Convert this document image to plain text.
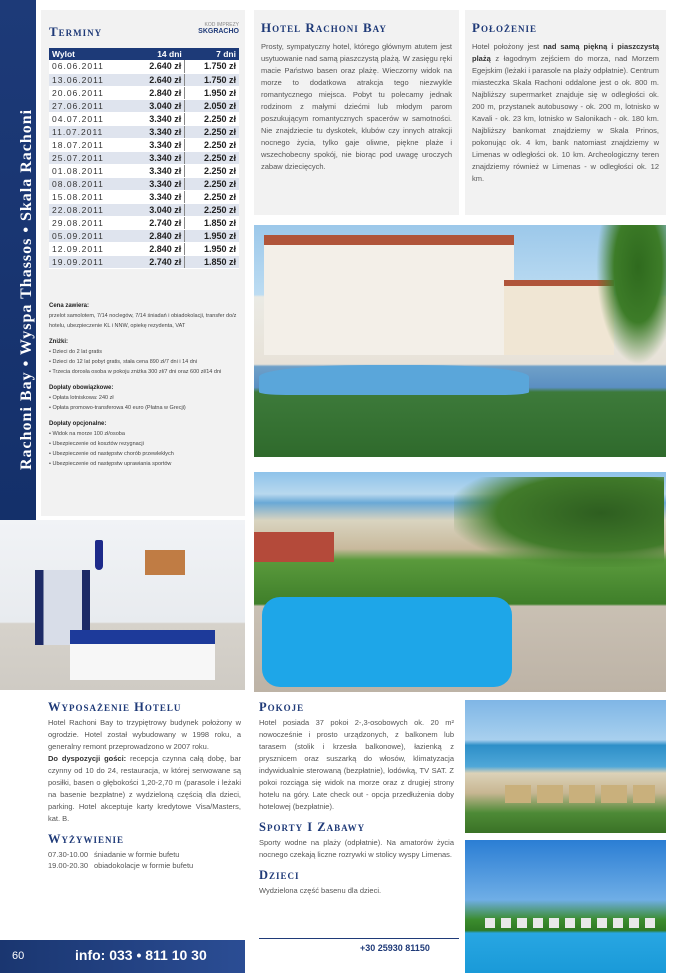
Rachoni Bay • Wyspa Thassos • Skala Rachoni
Terminy	KOD IMPREZY
SKGRACHO
Wylot	14 dni	7 dni
06.06.2011	2.640 zł	1.750 zł
13.06.2011	2.640 zł	1.750 zł
20.06.2011	2.840 zł	1.950 zł
27.06.2011	3.040 zł	2.050 zł
04.07.2011	3.340 zł	2.250 zł
11.07.2011	3.340 zł	2.250 zł
18.07.2011	3.340 zł	2.250 zł
25.07.2011	3.340 zł	2.250 zł
01.08.2011	3.340 zł	2.250 zł
08.08.2011	3.340 zł	2.250 zł
15.08.2011	3.340 zł	2.250 zł
22.08.2011	3.040 zł	2.250 zł
29.08.2011	2.740 zł	1.850 zł
05.09.2011	2.840 zł	1.950 zł
12.09.2011	2.840 zł	1.950 zł
19.09.2011	2.740 zł	1.850 zł
Cena zawiera:
przelot samolotem, 7/14 noclegów, 7/14 śniadań i obiadokolacji, transfer do/z hotelu, ubezpieczenie KL i NNW, opiekę rezydenta, VAT
Zniżki:
• Dzieci do 2 lat gratis
• Dzieci do 12 lat pobyt gratis, stała cena 890 zł/7 dni i 14 dni
• Trzecia dorosła osoba w pokoju zniżka 300 zł/7 dni oraz 600 zł/14 dni
Dopłaty obowiązkowe:
• Opłata lotniskowa: 240 zł
• Opłata promowo-transferowa 40 euro (Płatna w Grecji)
Dopłaty opcjonalne:
• Widok na morze 100 zł/osoba
• Ubezpieczenie od kosztów rezygnacji
• Ubezpieczenie od następstw chorób przewlekłych
• Ubezpieczenie od następstw uprawiania sportów
Hotel Rachoni Bay

Prosty, sympatyczny hotel, którego głównym atutem jest usytuowanie nad samą piaszczystą plażą. W zasięgu ręki macie Państwo basen oraz plażę. Wieczorny widok na morze to dodatkowa atrakcja tego niezwykle romantycznego miejsca. Pobyt tu polecamy jednak rodzinom z małymi dziećmi lub młodym parom poszukującym romantycznych spacerów w samotności. Nie znajdziecie tu dyskotek, klubów czy innych atrakcji nocnego życia, tylko gaje oliwne, piękne plaże i wszechobecny spokój, nie biorąc pod uwagę uroczych zabaw dziecięcych.

Położenie

Hotel położony jest nad samą piękną i piaszczystą plażą z łagodnym zejściem do morza, nad Morzem Egejskim (leżaki i parasole na plaży odpłatnie). Centrum miasteczka Skala Rachoni oddalone jest o ok. 800 m. Najbliższy supermarket znajduje się w odległości ok. 200 m, przystanek autobusowy - ok. 200 m, lotnisko w Kavali - ok. 23 km, lotnisko w Salonikach - ok. 180 km. Najbliższy bankomat znajdziemy w Skala Prinos, pokonując ok. 4 km, bank natomiast znajdziemy w Limenas w odległości ok. 10 km. Archeologiczny teren znajdziemy również w Limenas - w odległości ok. 12 km.

Wyposażenie Hotelu

Hotel Rachoni Bay to trzypiętrowy budynek położony w ogrodzie. Hotel został wybudowany w 1998 roku, a generalny remont przeprowadzono w 2007 roku.

Do dyspozycji gości: recepcja czynna całą dobę, bar czynny od 10 do 24, restauracja, w której serwowane są posiłki, basen o głębokości 1,20-2,70 m (parasole i leżaki na basenie bezpłatne) z wydzieloną częścią dla dzieci, parking. Hotel akceptuje karty kredytowe Visa/Masters, kat. B.

Wyżywienie
07.30-10.00 śniadanie w formie bufetu
19.00-20.30 obiadokolacje w formie bufetu
Pokoje

Hotel posiada 37 pokoi 2-,3-osobowych ok. 20 m² nowocześnie i prosto urządzonych, z balkonem lub tarasem (stolik i krzesła balkonowe), łazienką z prysznicem oraz suszarką do włosów, klimatyzacja indywidualnie sterowaną (bezpłatnie), lodówką, TV SAT. Z pokoi rozciąga się widok na morze oraz z drugiej strony hotelu na góry. Late check out - opcja przedłużenia doby hotelowej (bezpłatnie).

Sporty I Zabawy

Sporty wodne na plaży (odpłatnie). Na amatorów życia nocnego czekają liczne rozrywki w stolicy wyspy Limenas.

Dzieci

Wydzielona część basenu dla dzieci.

60	info: 033 • 811 10 30	+30 25930 81150
